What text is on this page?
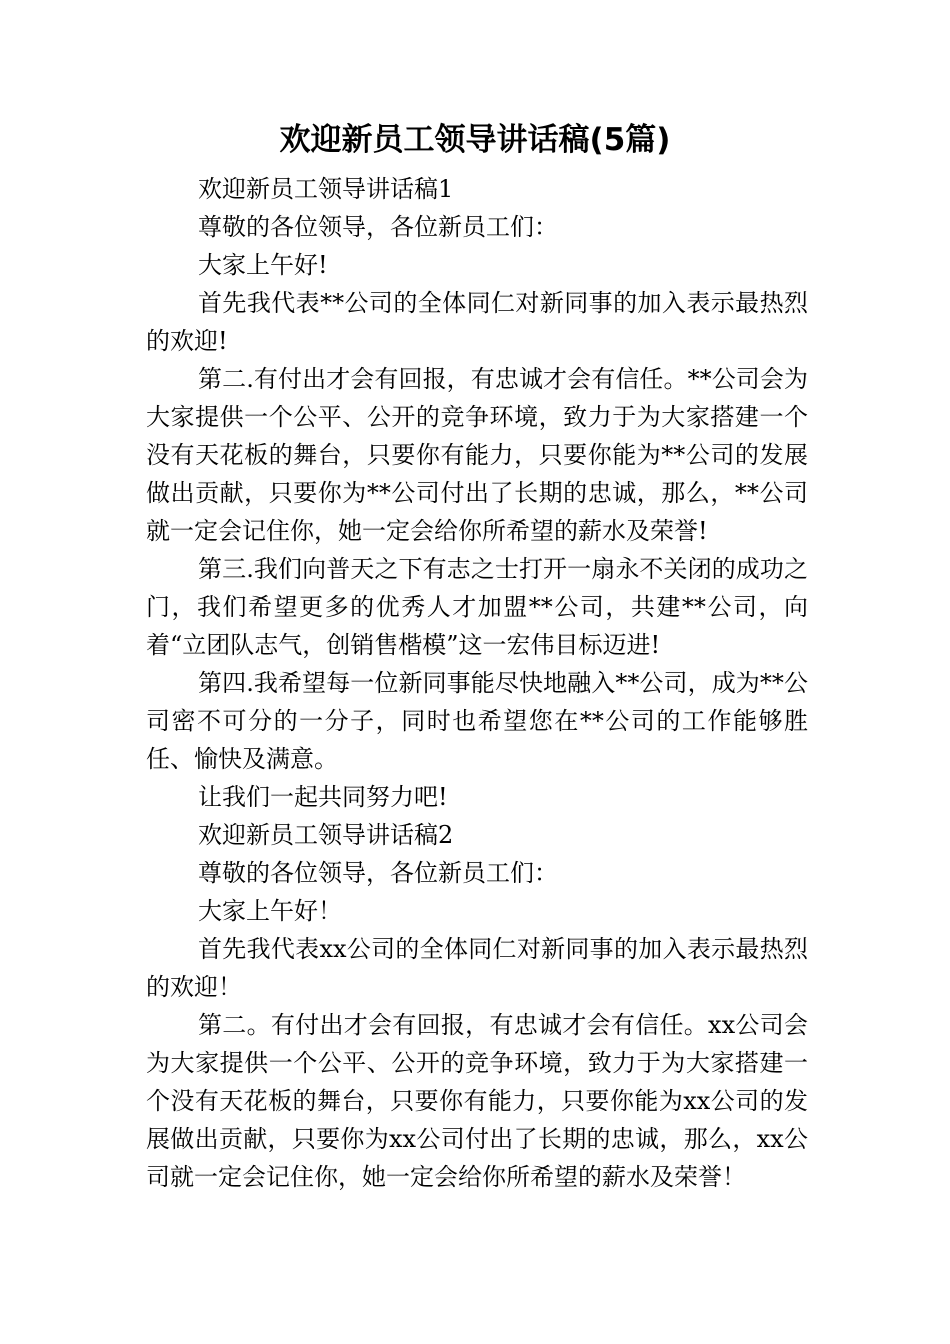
欢迎新员工领导讲话稿(5篇)

欢迎新员工领导讲话稿1

尊敬的各位领导，各位新员工们：

大家上午好!

首先我代表**公司的全体同仁对新同事的加入表示最热烈的欢迎!

第二.有付出才会有回报，有忠诚才会有信任。**公司会为大家提供一个公平、公开的竞争环境，致力于为大家搭建一个没有天花板的舞台，只要你有能力，只要你能为**公司的发展做出贡献，只要你为**公司付出了长期的忠诚，那么，**公司就一定会记住你，她一定会给你所希望的薪水及荣誉!

第三.我们向普天之下有志之士打开一扇永不关闭的成功之门，我们希望更多的优秀人才加盟**公司，共建**公司，向着“立团队志气，创销售楷模”这一宏伟目标迈进!

第四.我希望每一位新同事能尽快地融入**公司，成为**公司密不可分的一分子，同时也希望您在**公司的工作能够胜任、愉快及满意。

让我们一起共同努力吧!

欢迎新员工领导讲话稿2

尊敬的各位领导，各位新员工们：

大家上午好！

首先我代表xx公司的全体同仁对新同事的加入表示最热烈的欢迎！

第二。有付出才会有回报，有忠诚才会有信任。xx公司会为大家提供一个公平、公开的竞争环境，致力于为大家搭建一个没有天花板的舞台，只要你有能力，只要你能为xx公司的发展做出贡献，只要你为xx公司付出了长期的忠诚，那么，xx公司就一定会记住你，她一定会给你所希望的薪水及荣誉！
